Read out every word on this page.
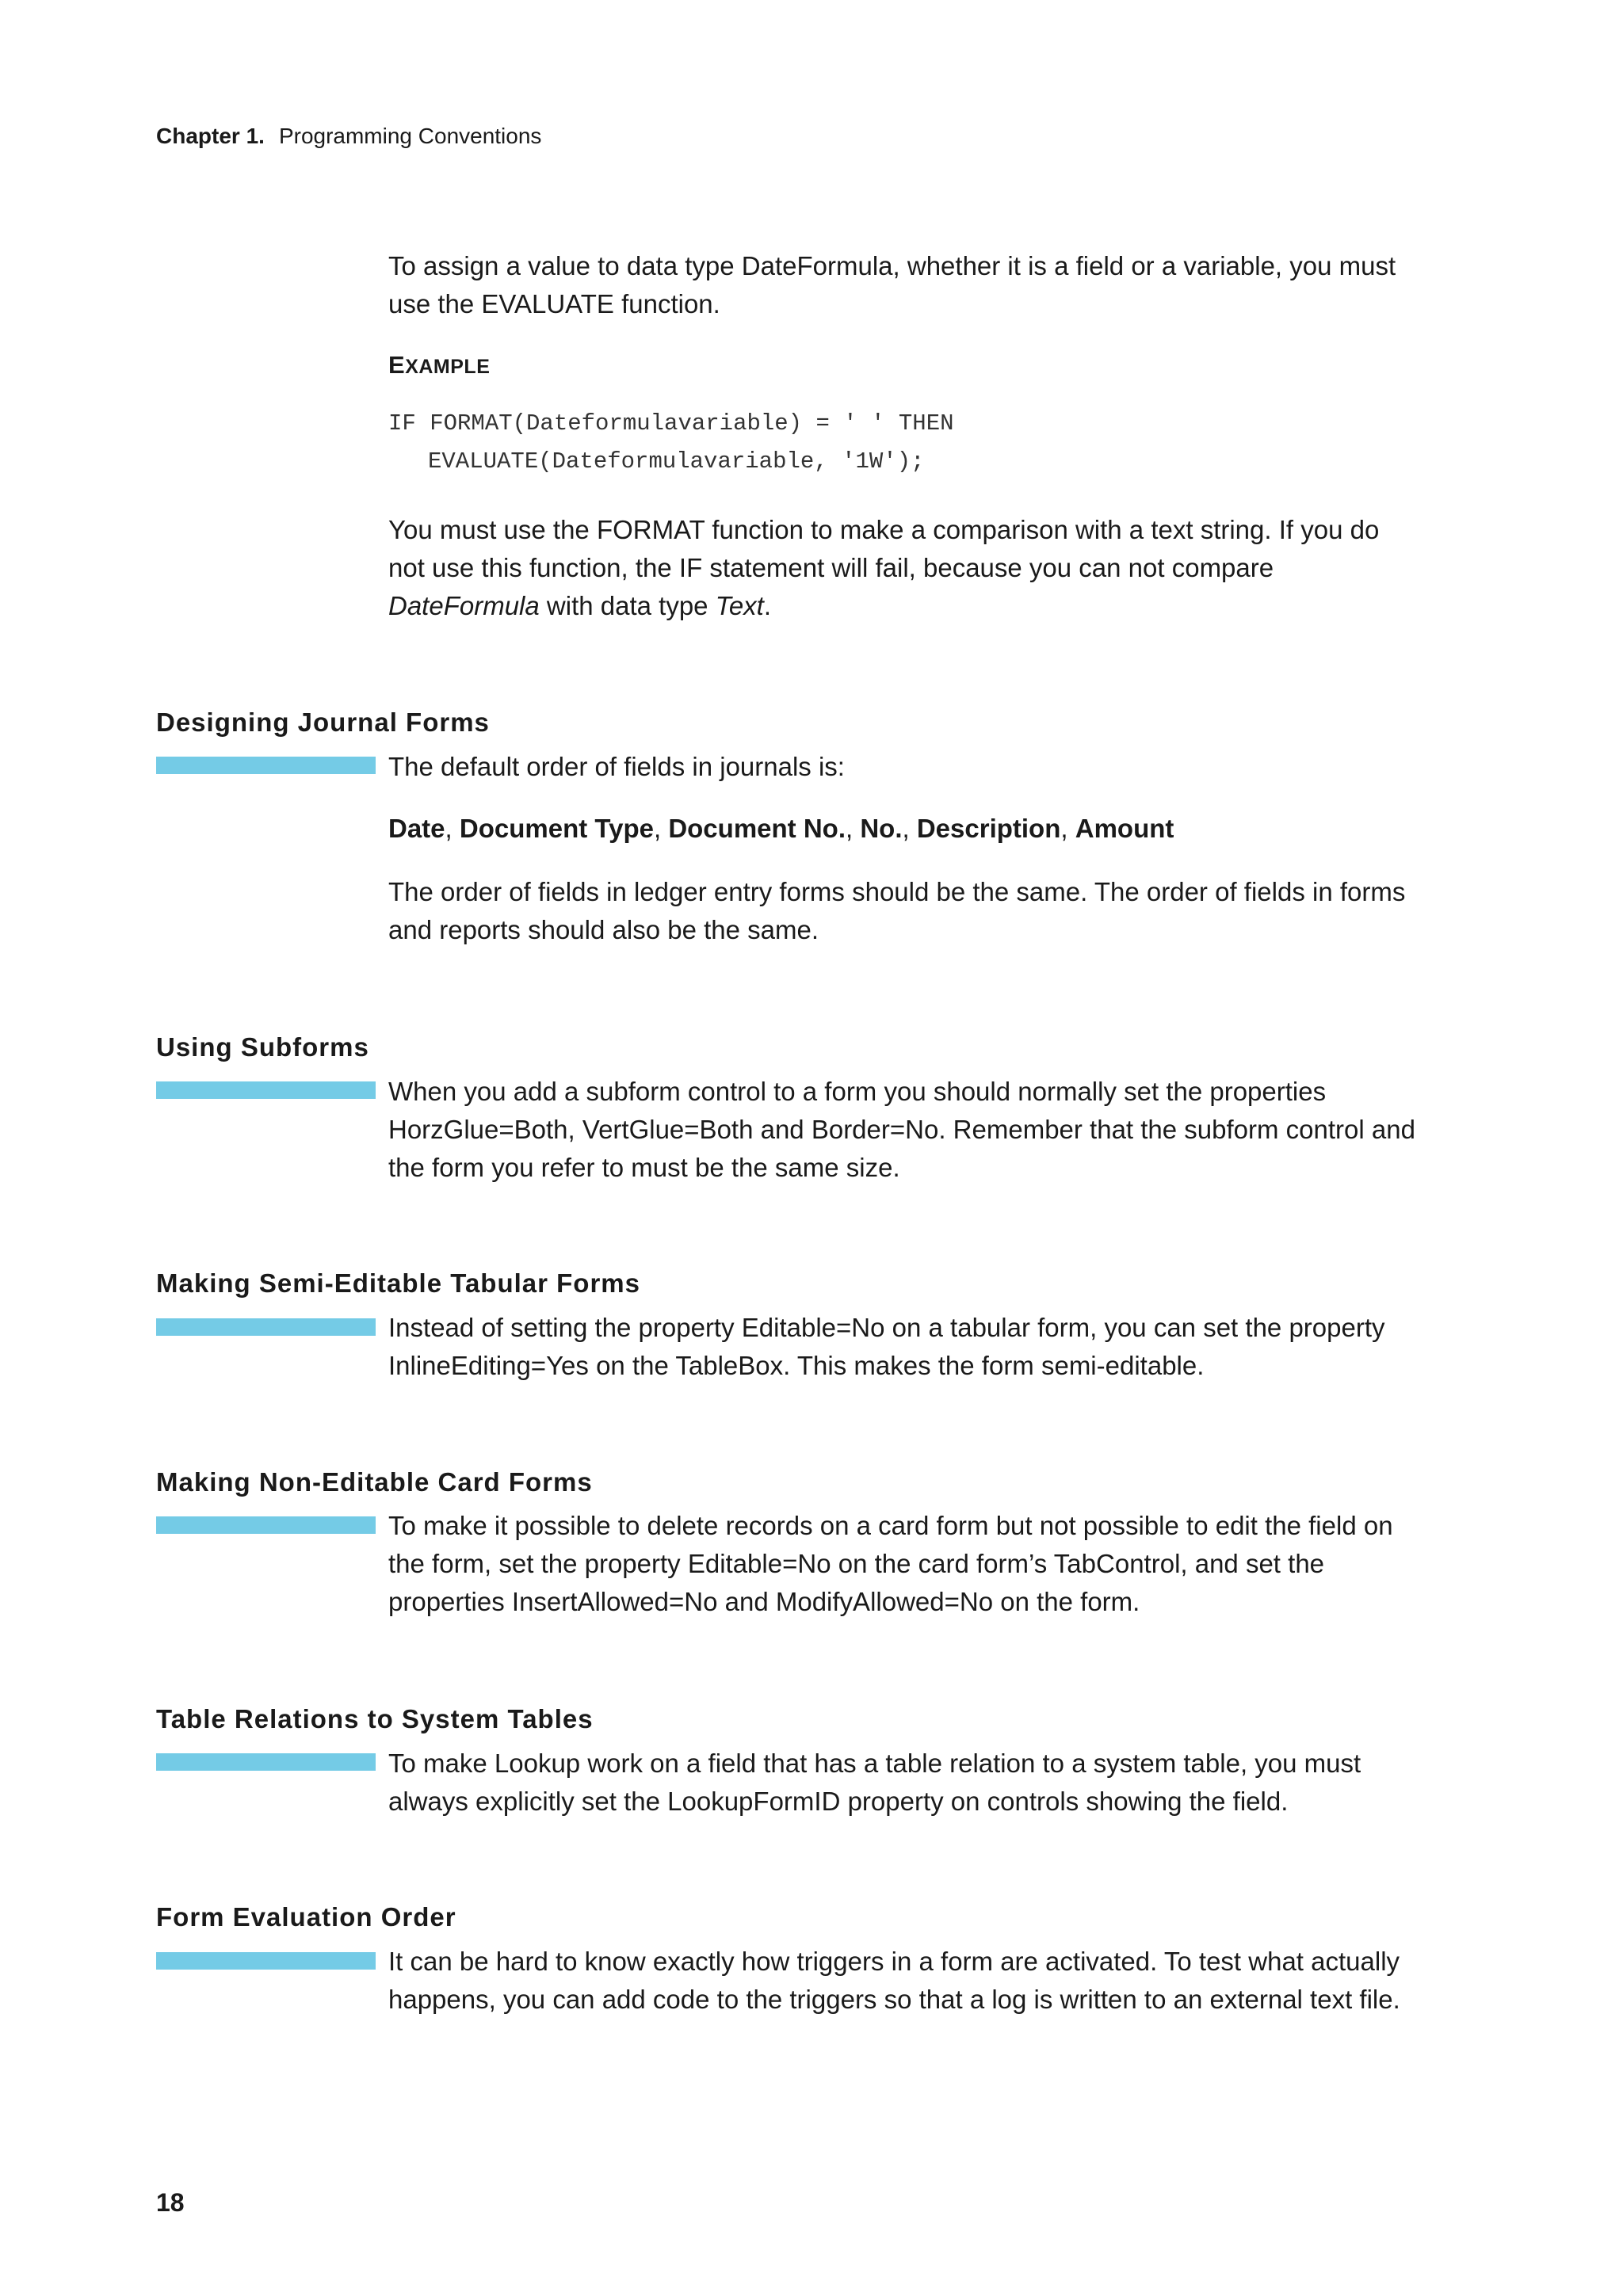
Chapter 1. Programming Conventions

To assign a value to data type DateFormula, whether it is a field or a variable, you must use the EVALUATE function.

EXAMPLE
IF FORMAT(Dateformulavariable) = ' ' THEN
EVALUATE(Dateformulavariable, '1W');

You must use the FORMAT function to make a comparison with a text string. If you do not use this function, the IF statement will fail, because you can not compare DateFormula with data type Text.

Designing Journal Forms

The default order of fields in journals is:

Date, Document Type, Document No., No., Description, Amount

The order of fields in ledger entry forms should be the same. The order of fields in forms and reports should also be the same.

Using Subforms

When you add a subform control to a form you should normally set the properties HorzGlue=Both, VertGlue=Both and Border=No. Remember that the subform control and the form you refer to must be the same size.

Making Semi-Editable Tabular Forms

Instead of setting the property Editable=No on a tabular form, you can set the property InlineEditing=Yes on the TableBox. This makes the form semi-editable.

Making Non-Editable Card Forms

To make it possible to delete records on a card form but not possible to edit the field on the form, set the property Editable=No on the card form’s TabControl, and set the properties InsertAllowed=No and ModifyAllowed=No on the form.

Table Relations to System Tables

To make Lookup work on a field that has a table relation to a system table, you must always explicitly set the LookupFormID property on controls showing the field.

Form Evaluation Order

It can be hard to know exactly how triggers in a form are activated. To test what actually happens, you can add code to the triggers so that a log is written to an external text file.

18
